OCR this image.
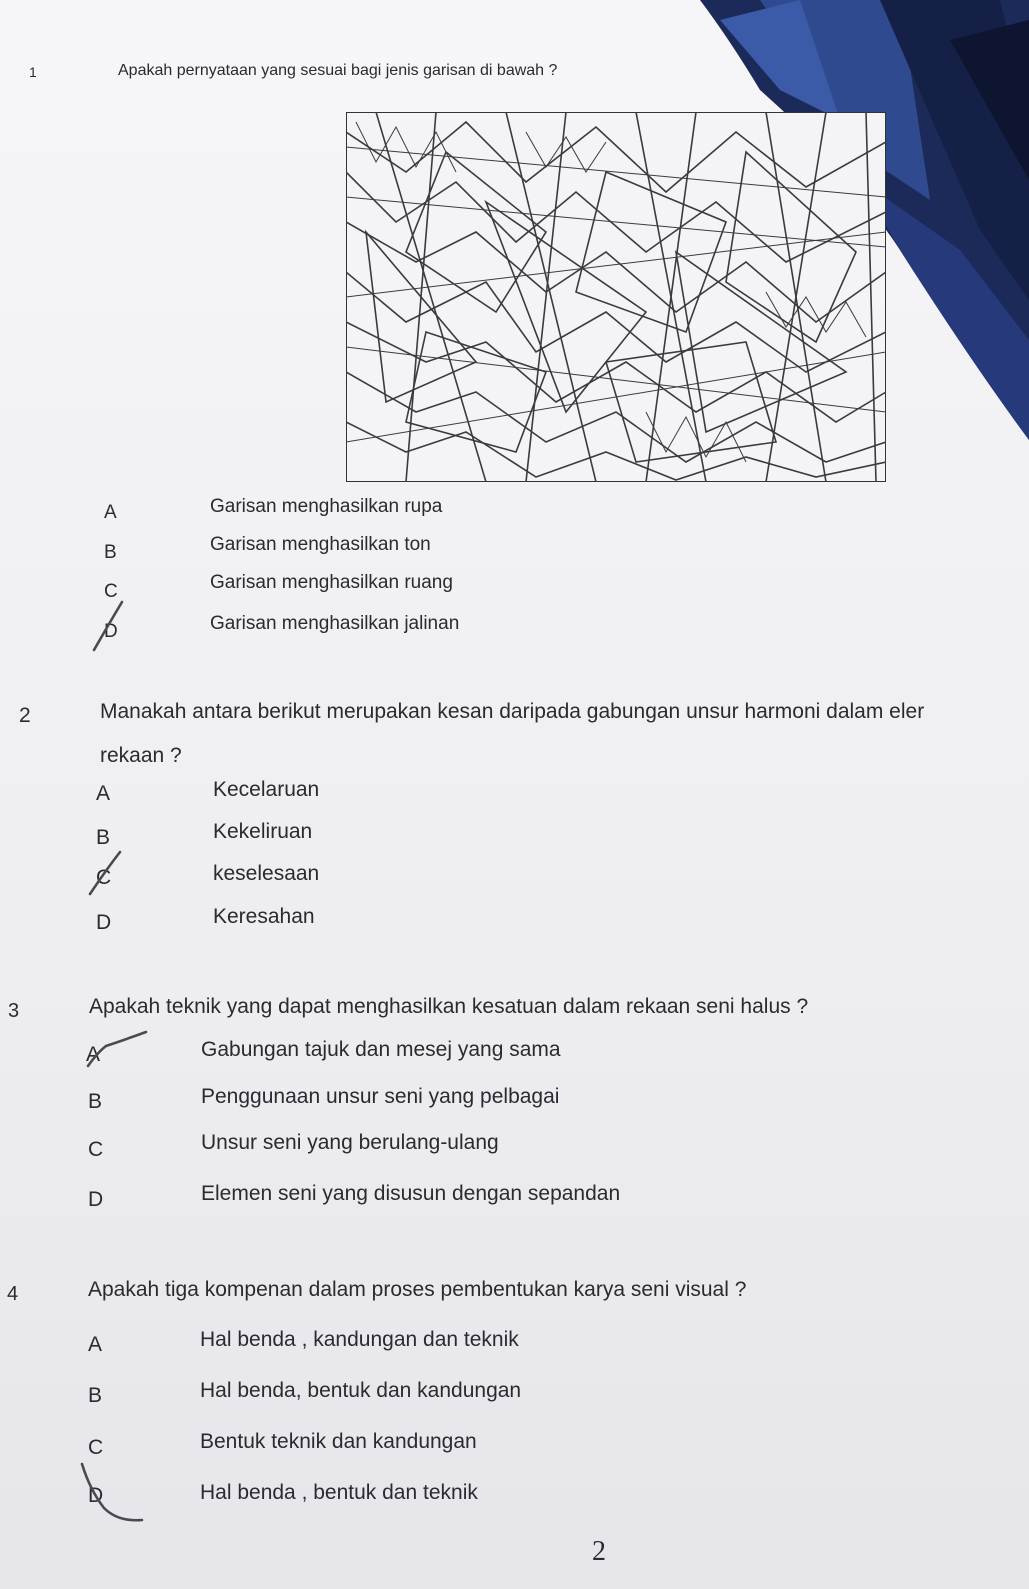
1	Apakah pernyataan yang sesuai bagi jenis garisan di bawah ?
A	Garisan menghasilkan rupa
B	Garisan menghasilkan ton
C	Garisan menghasilkan ruang
D	Garisan menghasilkan jalinan
2	Manakah antara berikut merupakan kesan daripada gabungan unsur harmoni dalam eler
rekaan ?
A	Kecelaruan
B	Kekeliruan
C	keselesaan
D	Keresahan
3	Apakah teknik yang dapat menghasilkan kesatuan dalam rekaan seni halus ?
A	Gabungan tajuk dan mesej yang sama
B	Penggunaan unsur seni yang pelbagai
C	Unsur seni yang berulang-ulang
D	Elemen seni yang disusun dengan sepandan
4	Apakah tiga kompenan dalam proses pembentukan karya seni visual ?
A	Hal benda , kandungan dan teknik
B	Hal benda, bentuk dan kandungan
C	Bentuk teknik dan kandungan
D	Hal benda , bentuk dan teknik
2
